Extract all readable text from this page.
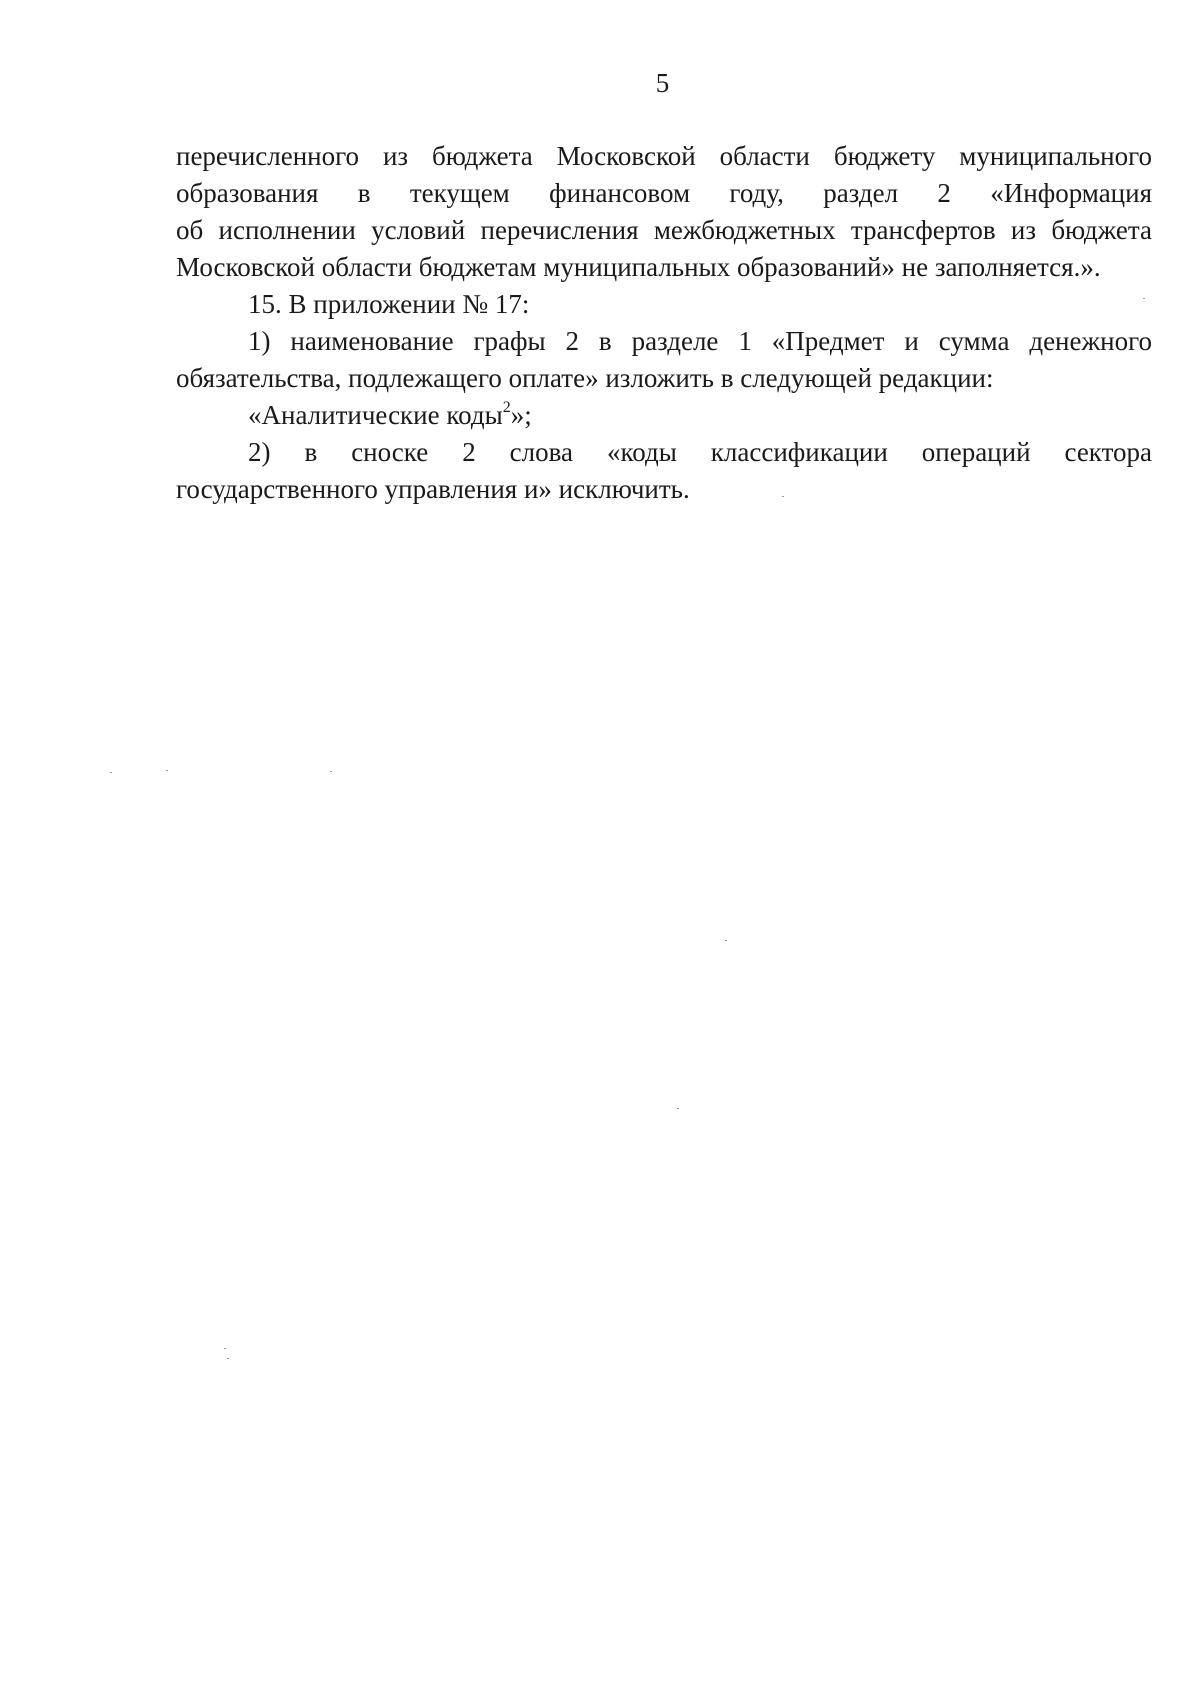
5

перечисленного из бюджета Московской области бюджету муниципального

образования в текущем финансовом году, раздел 2 «Информация

об исполнении условий перечисления межбюджетных трансфертов из бюджета

Московской области бюджетам муниципальных образований» не заполняется.».

15. В приложении № 17:

1) наименование графы 2 в разделе 1 «Предмет и сумма денежного

обязательства, подлежащего оплате» изложить в следующей редакции:

«Аналитические коды$^2$»;

2) в сноске 2 слова «коды классификации операций сектора

государственного управления и» исключить.
